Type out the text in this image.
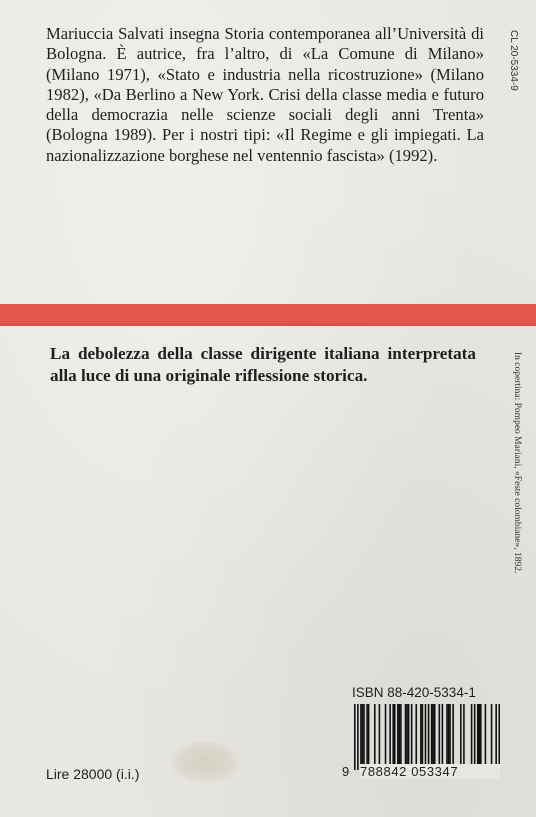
Mariuccia Salvati insegna Storia contemporanea all’Università di Bologna. È autrice, fra l’altro, di «La Comune di Milano» (Milano 1971), «Stato e industria nella ricostruzione» (Milano 1982), «Da Berlino a New York. Crisi della classe media e futuro della democrazia nelle scienze sociali degli anni Trenta» (Bologna 1989). Per i nostri tipi: «Il Regime e gli impiegati. La nazionalizzazione borghese nel ventennio fascista» (1992).

CL 20-5334-9

La debolezza della classe dirigente italiana interpretata alla luce di una originale riflessione storica.	In copertina: Pompeo Mariani, «Feste colombiane», 1892.
ISBN 88-420-5334-1
9 788842 053347
Lire 28000 (i.i.)
